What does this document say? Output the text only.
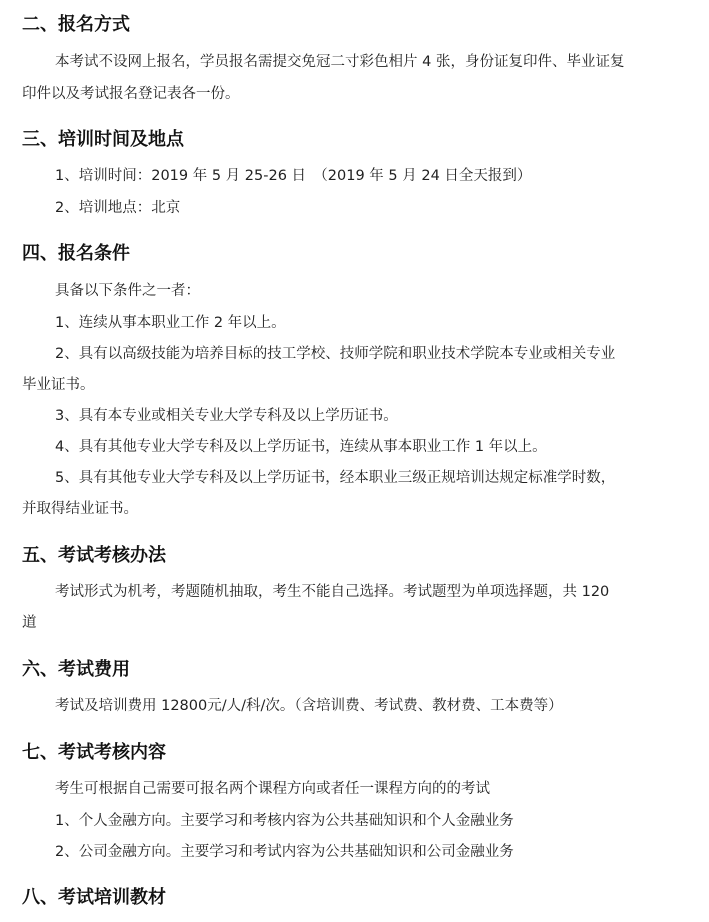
二、报名方式
本考试不设网上报名，学员报名需提交免冠二寸彩色相片 4 张，身份证复印件、毕业证复
印件以及考试报名登记表各一份。
三、培训时间及地点
1、培训时间：2019 年 5 月 25-26 日　（2019 年 5 月 24 日全天报到）
2、培训地点：北京
四、报名条件
具备以下条件之一者：
1、连续从事本职业工作 2 年以上。
2、具有以高级技能为培养目标的技工学校、技师学院和职业技术学院本专业或相关专业
毕业证书。
3、具有本专业或相关专业大学专科及以上学历证书。
4、具有其他专业大学专科及以上学历证书，连续从事本职业工作 1 年以上。
5、具有其他专业大学专科及以上学历证书，经本职业三级正规培训达规定标准学时数，
并取得结业证书。
五、考试考核办法
考试形式为机考，考题随机抽取，考生不能自己选择。考试题型为单项选择题，共 120
道
六、考试费用
考试及培训费用 12800元/人/科/次。（含培训费、考试费、教材费、工本费等）
七、考试考核内容
考生可根据自己需要可报名两个课程方向或者任一课程方向的的考试
1、个人金融方向。主要学习和考核内容为公共基础知识和个人金融业务
2、公司金融方向。主要学习和考试内容为公共基础知识和公司金融业务
八、考试培训教材
